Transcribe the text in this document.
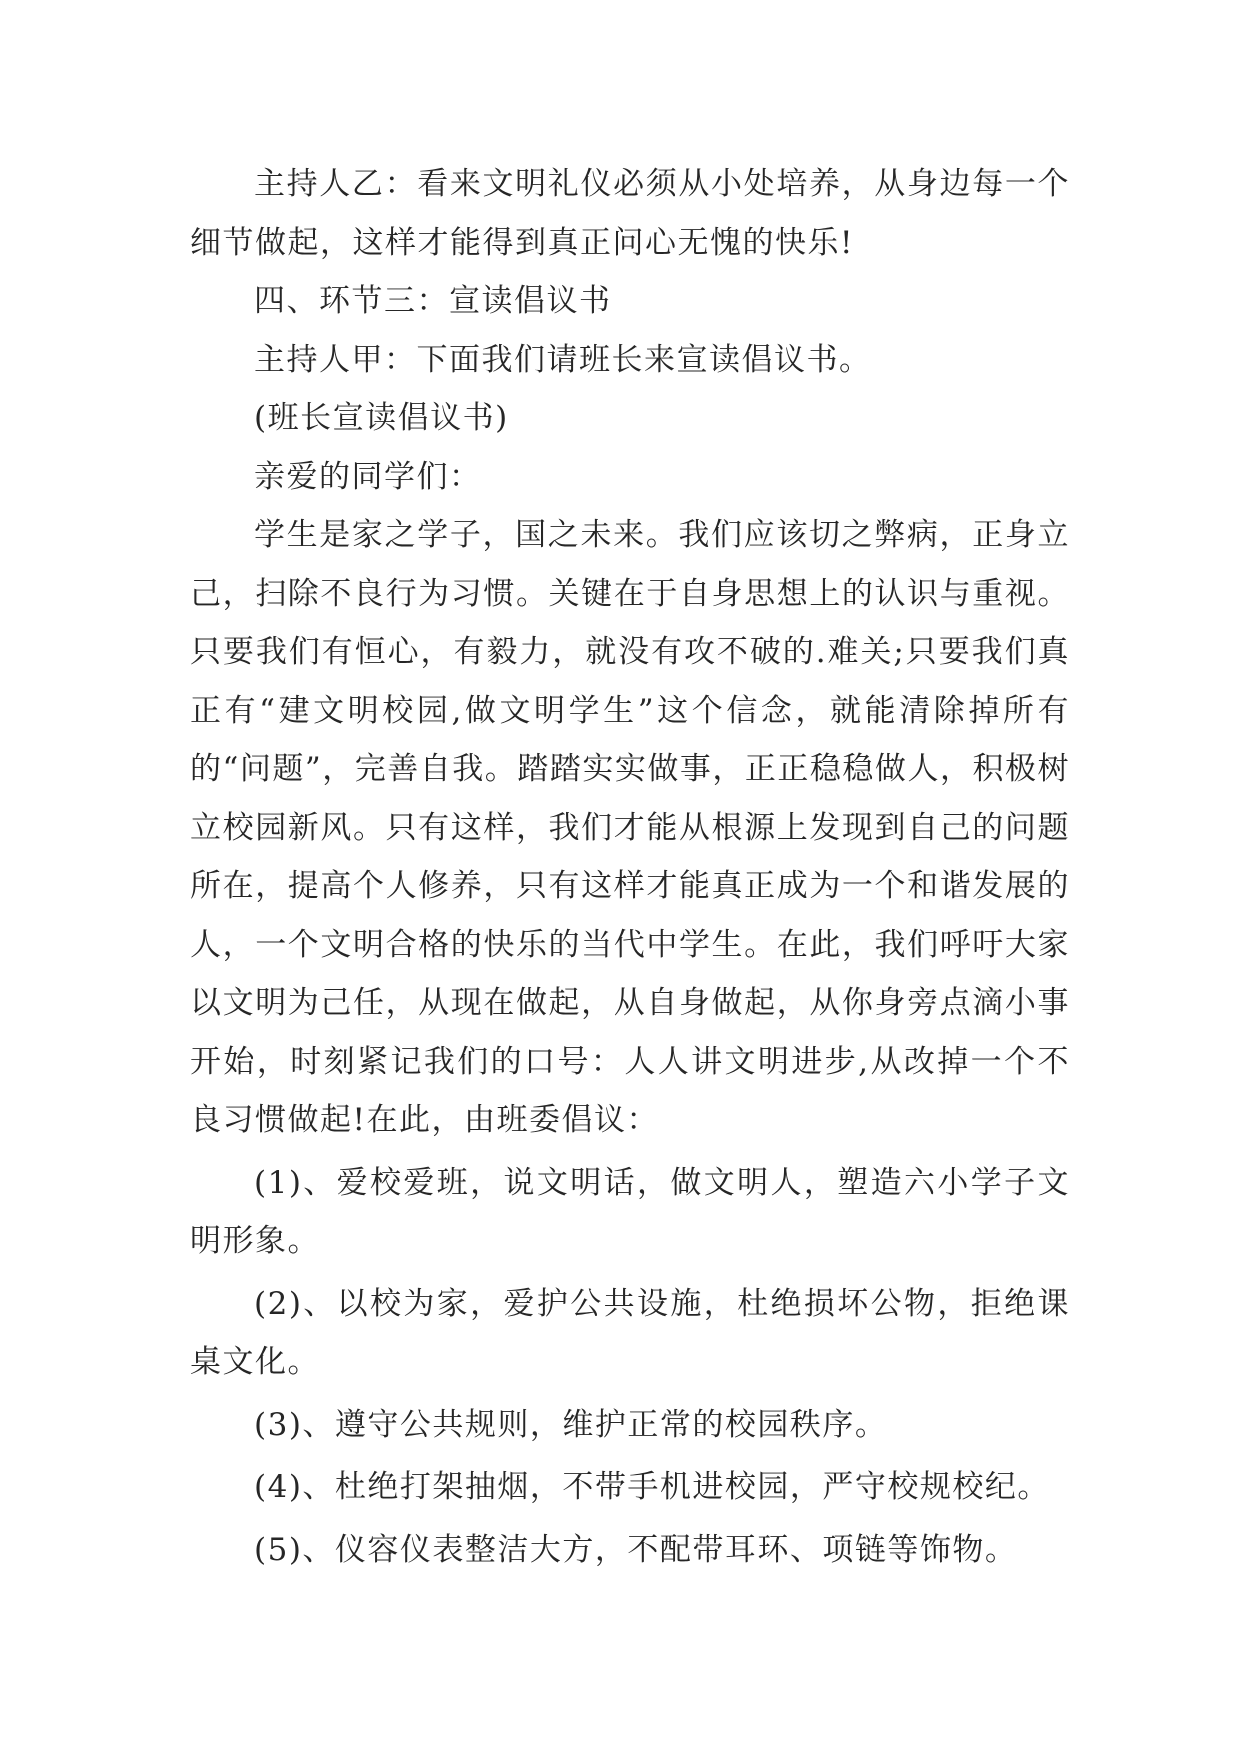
主持人乙：看来文明礼仪必须从小处培养，从身边每一个细节做起，这样才能得到真正问心无愧的快乐!

四、环节三：宣读倡议书

主持人甲：下面我们请班长来宣读倡议书。

(班长宣读倡议书)

亲爱的同学们：

学生是家之学子，国之未来。我们应该切之弊病，正身立己，扫除不良行为习惯。关键在于自身思想上的认识与重视。只要我们有恒心，有毅力，就没有攻不破的.难关;只要我们真正有“建文明校园,做文明学生”这个信念，就能清除掉所有的“问题”，完善自我。踏踏实实做事，正正稳稳做人，积极树立校园新风。只有这样，我们才能从根源上发现到自己的问题所在，提高个人修养，只有这样才能真正成为一个和谐发展的人，一个文明合格的快乐的当代中学生。在此，我们呼吁大家以文明为己任，从现在做起，从自身做起，从你身旁点滴小事开始，时刻紧记我们的口号：人人讲文明进步,从改掉一个不良习惯做起!在此，由班委倡议：

(1)、爱校爱班，说文明话，做文明人，塑造六小学子文明形象。

(2)、以校为家，爱护公共设施，杜绝损坏公物，拒绝课桌文化。

(3)、遵守公共规则，维护正常的校园秩序。

(4)、杜绝打架抽烟，不带手机进校园，严守校规校纪。

(5)、仪容仪表整洁大方，不配带耳环、项链等饰物。
